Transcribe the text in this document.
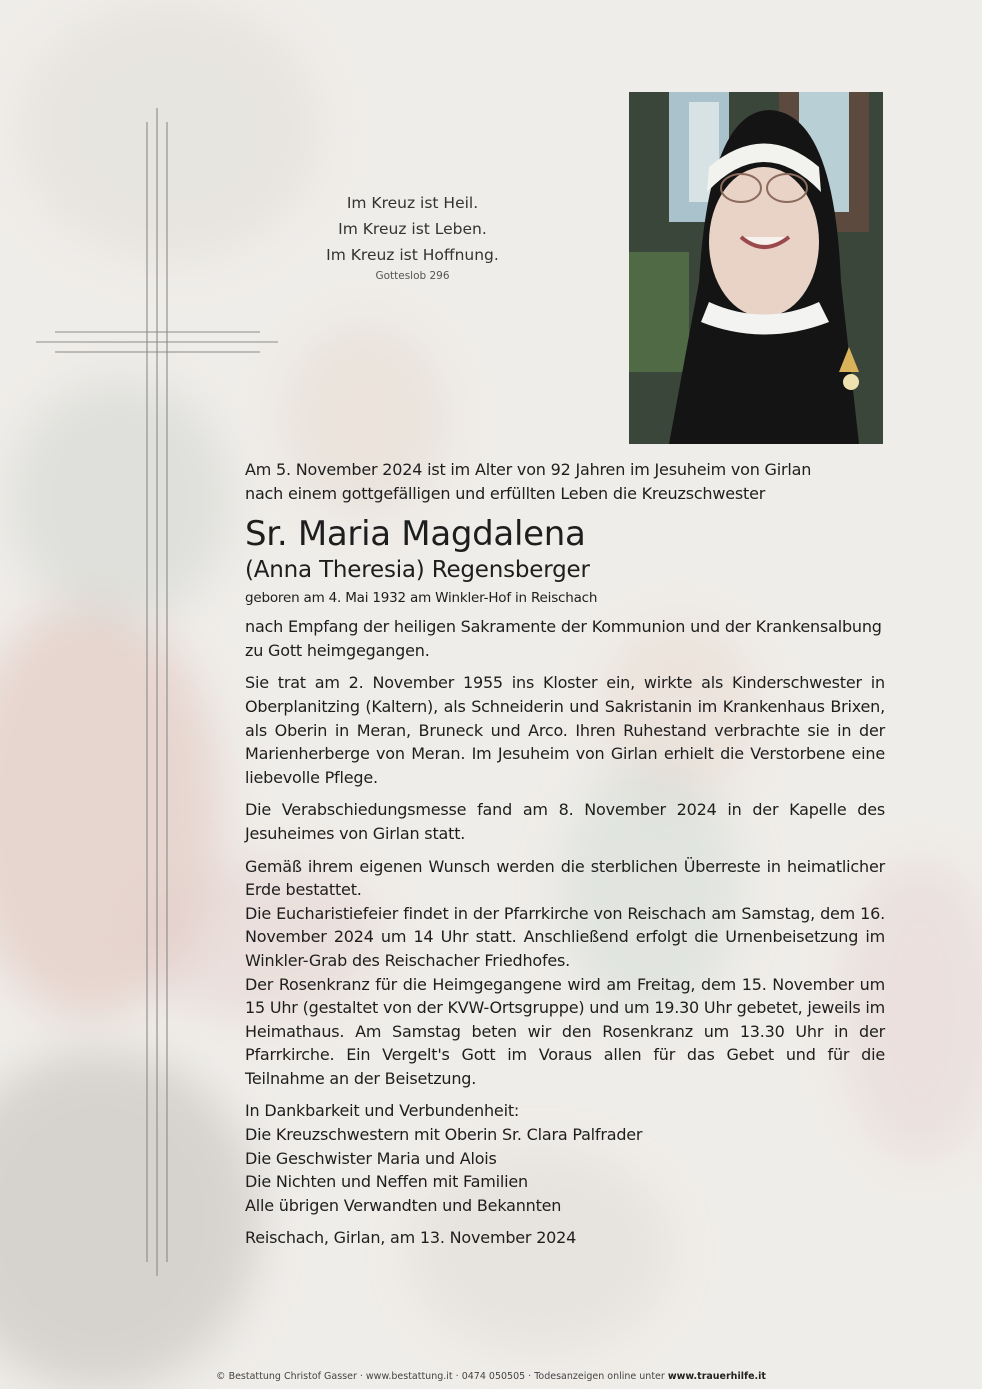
Im Kreuz ist Heil.
Im Kreuz ist Leben.
Im Kreuz ist Hoffnung.
Gotteslob 296

Am 5. November 2024 ist im Alter von 92 Jahren im Jesuheim von Girlan

nach einem gottgefälligen und erfüllten Leben die Kreuzschwester

Sr. Maria Magdalena

(Anna Theresia) Regensberger

geboren am 4. Mai 1932 am Winkler-Hof in Reischach

nach Empfang der heiligen Sakramente der Kommunion und der Krankensalbung zu Gott heimgegangen.

Sie trat am 2. November 1955 ins Kloster ein, wirkte als Kinderschwester in Oberplanitzing (Kaltern), als Schneiderin und Sakristanin im Krankenhaus Brixen, als Oberin in Meran, Bruneck und Arco. Ihren Ruhestand verbrachte sie in der Marienherberge von Meran. Im Jesuheim von Girlan erhielt die Verstorbene eine liebevolle Pflege.

Die Verabschiedungsmesse fand am 8. November 2024 in der Kapelle des Jesuheimes von Girlan statt.

Gemäß ihrem eigenen Wunsch werden die sterblichen Überreste in heimatlicher Erde bestattet.

Die Eucharistiefeier findet in der Pfarrkirche von Reischach am Samstag, dem 16. November 2024 um 14 Uhr statt. Anschließend erfolgt die Urnenbeisetzung im Winkler-Grab des Reischacher Friedhofes.

Der Rosenkranz für die Heimgegangene wird am Freitag, dem 15. November um 15 Uhr (gestaltet von der KVW-Ortsgruppe) und um 19.30 Uhr gebetet, jeweils im Heimathaus. Am Samstag beten wir den Rosenkranz um 13.30 Uhr in der Pfarrkirche. Ein Vergelt's Gott im Voraus allen für das Gebet und für die Teilnahme an der Beisetzung.

In Dankbarkeit und Verbundenheit:

Die Kreuzschwestern mit Oberin Sr. Clara Palfrader

Die Geschwister Maria und Alois

Die Nichten und Neffen mit Familien

Alle übrigen Verwandten und Bekannten

Reischach, Girlan, am 13. November 2024

© Bestattung Christof Gasser · www.bestattung.it · 0474 050505 · Todesanzeigen online unter www.trauerhilfe.it
